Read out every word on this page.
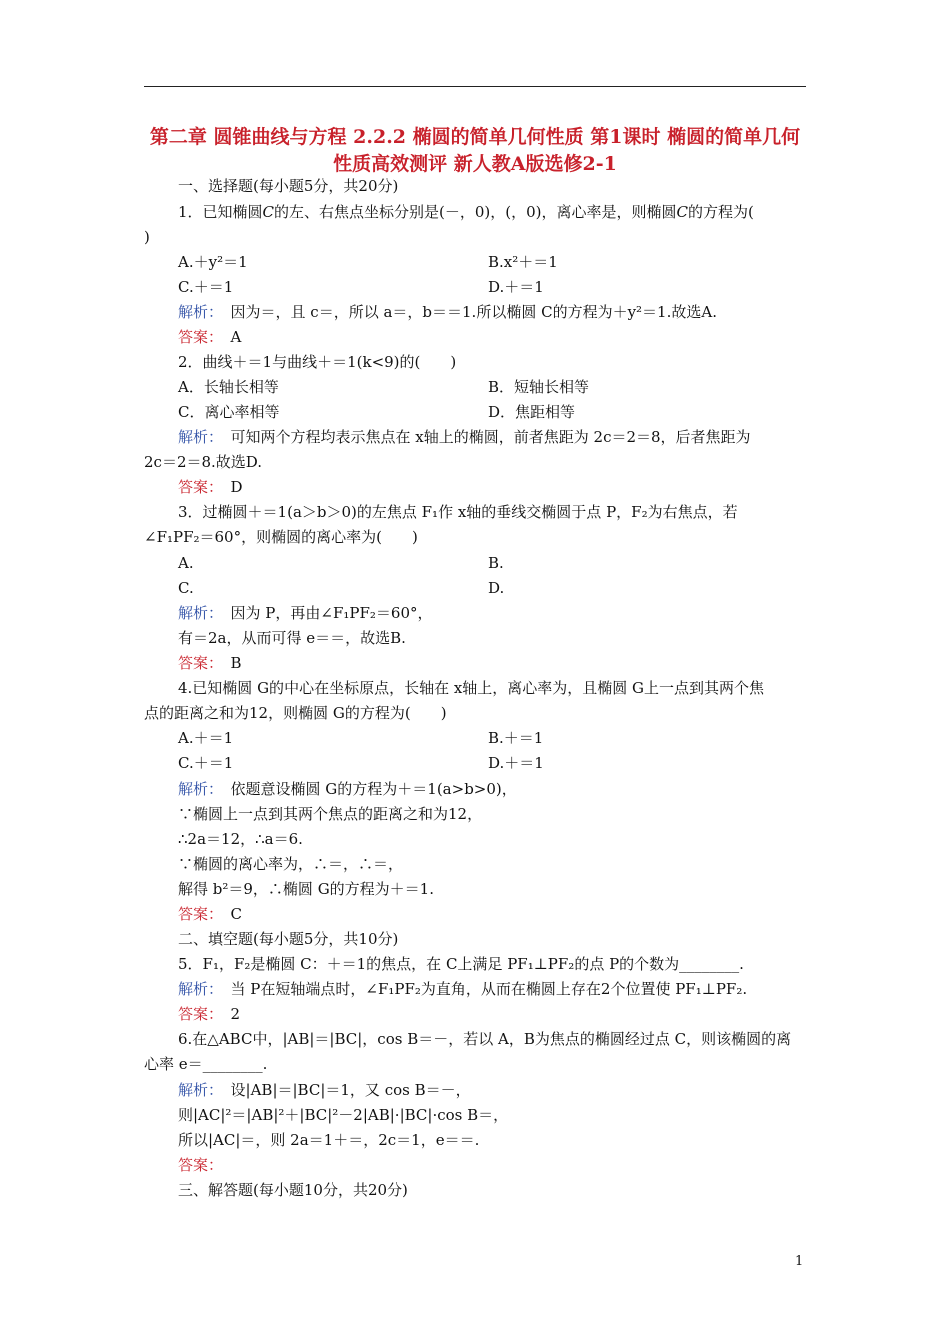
第二章 圆锥曲线与方程 2.2.2 椭圆的简单几何性质 第1课时 椭圆的简单几何性质高效测评 新人教A版选修2-1
一、选择题(每小题5分，共20分)
1．已知椭圆C的左、右焦点坐标分别是(－，0)，(，0)，离心率是，则椭圆C的方程为(
)
A.＋y²＝1	B.x²＋＝1
C.＋＝1	D.＋＝1
解析：　 因为＝，且 c＝，所以 a＝，b＝＝1.所以椭圆 C的方程为＋y²＝1.故选A.
答案：　 A
2．曲线＋＝1与曲线＋＝1(k<9)的(　　)
A．长轴长相等	B．短轴长相等
C．离心率相等	D．焦距相等
解析：　 可知两个方程均表示焦点在 x轴上的椭圆，前者焦距为 2c＝2＝8，后者焦距为
2c＝2＝8.故选D.
答案：　 D
3．过椭圆＋＝1(a＞b＞0)的左焦点 F₁作 x轴的垂线交椭圆于点 P，F₂为右焦点，若
∠F₁PF₂＝60°，则椭圆的离心率为(　　)
A.	B.
C.	D.
解析：　 因为 P，再由∠F₁PF₂＝60°，
有＝2a，从而可得 e＝＝，故选B.
答案：　 B
4.已知椭圆 G的中心在坐标原点，长轴在 x轴上，离心率为，且椭圆 G上一点到其两个焦
点的距离之和为12，则椭圆 G的方程为(　　)
A.＋＝1	B.＋＝1
C.＋＝1	D.＋＝1
解析：　 依题意设椭圆 G的方程为＋＝1(a>b>0)，
∵椭圆上一点到其两个焦点的距离之和为12，
∴2a＝12，∴a＝6.
∵椭圆的离心率为，∴＝，∴＝，
解得 b²＝9，∴椭圆 G的方程为＋＝1.
答案：　 C
二、填空题(每小题5分，共10分)
5．F₁，F₂是椭圆 C：＋＝1的焦点，在 C上满足 PF₁⊥PF₂的点 P的个数为________.
解析：　 当 P在短轴端点时，∠F₁PF₂为直角，从而在椭圆上存在2个位置使 PF₁⊥PF₂.
答案：　 2
6.在△ABC中，|AB|＝|BC|，cos B＝－，若以 A，B为焦点的椭圆经过点 C，则该椭圆的离
心率 e＝________.
解析：　 设|AB|＝|BC|＝1，又 cos B＝－，
则|AC|²＝|AB|²＋|BC|²－2|AB|·|BC|·cos B＝，
所以|AC|＝，则 2a＝1＋＝，2c＝1，e＝＝.
答案：
三、解答题(每小题10分，共20分)
1
